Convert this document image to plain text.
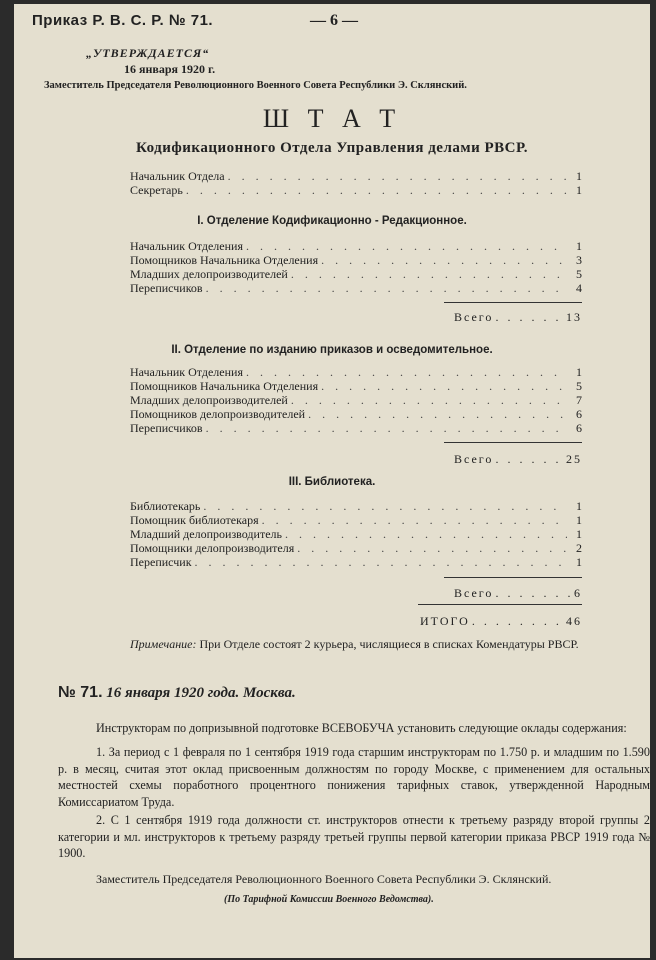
Приказ Р. В. С. Р. № 71.	— 6 —
„УТВЕРЖДАЕТСЯ“
16 января 1920 г.
Заместитель Председателя Революционного Военного Совета Республики Э. Склянский.
Ш Т А Т
Кодификационного Отдела Управления делами РВСР.
Начальник Отдела . . .	1
Секретарь . . .	1
I. Отделение Кодификационно - Редакционное.
Начальник Отделения . . .	1
Помощников Начальника Отделения . . .	3
Младших делопроизводителей . . .	5
Переписчиков . . .	4
Всего . . .	13
II. Отделение по изданию приказов и осведомительное.
Начальник Отделения . . .	1
Помощников Начальника Отделения . . .	5
Младших делопроизводителей . . .	7
Помощников делопроизводителей . . .	6
Переписчиков . . .	6
Всего . . .	25
III. Библиотека.
Библиотекарь . . .	1
Помощник библиотекаря . . .	1
Младший делопроизводитель . . .	1
Помощники делопроизводителя . . .	2
Переписчик . . .	1
Всего . . .	6
ИТОГО . . .	46
Примечание: При Отделе состоят 2 курьера, числящиеся в списках Комендатуры РВСР.
№ 71. 16 января 1920 года. Москва.
Инструкторам по допризывной подготовке ВСЕВОБУЧА установить следующие оклады содержания:
1. За период с 1 февраля по 1 сентября 1919 года старшим инструкторам по 1.750 р. и младшим по 1.590 р. в месяц, считая этот оклад присвоенным должностям по городу Москве, с применением для остальных местностей схемы поработного процентного понижения тарифных ставок, утвержденной Народным Комиссариатом Труда.
2. С 1 сентября 1919 года должности ст. инструкторов отнести к третьему разряду второй группы 2 категории и мл. инструкторов к третьему разряду третьей группы первой категории приказа РВСР 1919 года № 1900.
Заместитель Председателя Революционного Военного Совета Республики Э. Склянский.
(По Тарифной Комиссии Военного Ведомства).
